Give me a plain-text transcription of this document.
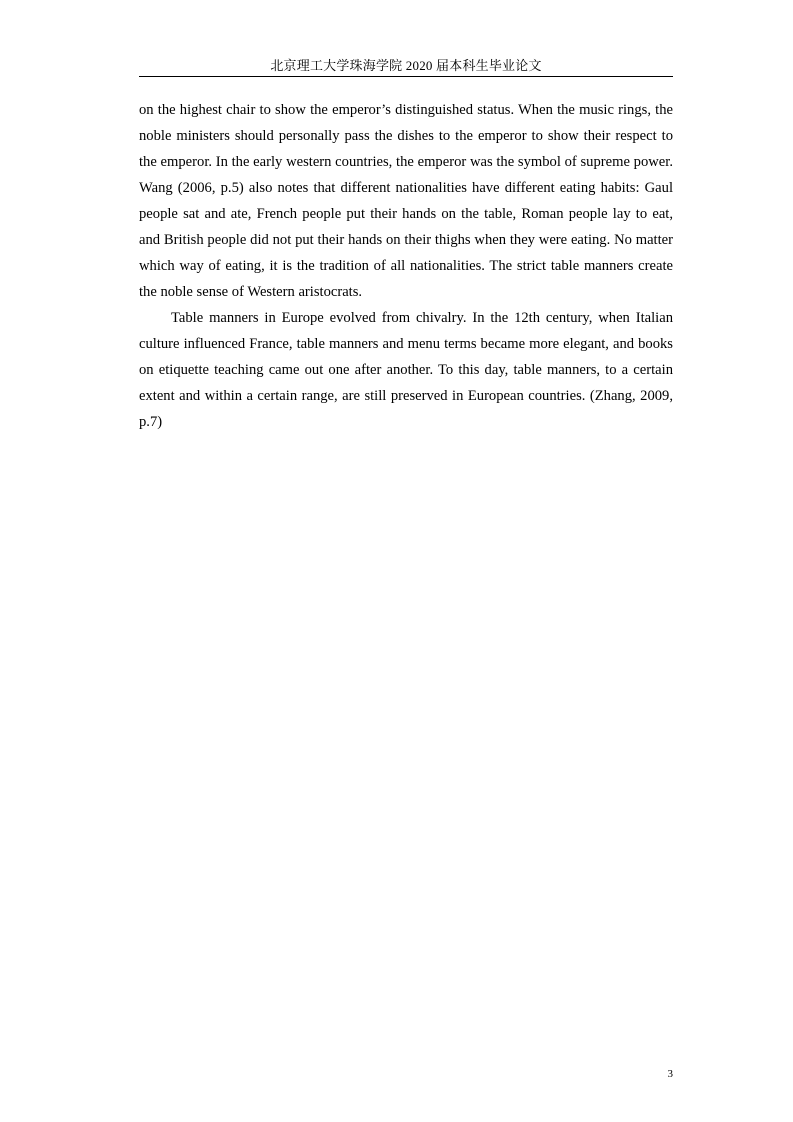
北京理工大学珠海学院 2020 届本科生毕业论文

on the highest chair to show the emperor’s distinguished status. When the music rings, the noble ministers should personally pass the dishes to the emperor to show their respect to the emperor. In the early western countries, the emperor was the symbol of supreme power. Wang (2006, p.5) also notes that different nationalities have different eating habits: Gaul people sat and ate, French people put their hands on the table, Roman people lay to eat, and British people did not put their hands on their thighs when they were eating. No matter which way of eating, it is the tradition of all nationalities. The strict table manners create the noble sense of Western aristocrats.

Table manners in Europe evolved from chivalry. In the 12th century, when Italian culture influenced France, table manners and menu terms became more elegant, and books on etiquette teaching came out one after another. To this day, table manners, to a certain extent and within a certain range, are still preserved in European countries. (Zhang, 2009, p.7)

3
